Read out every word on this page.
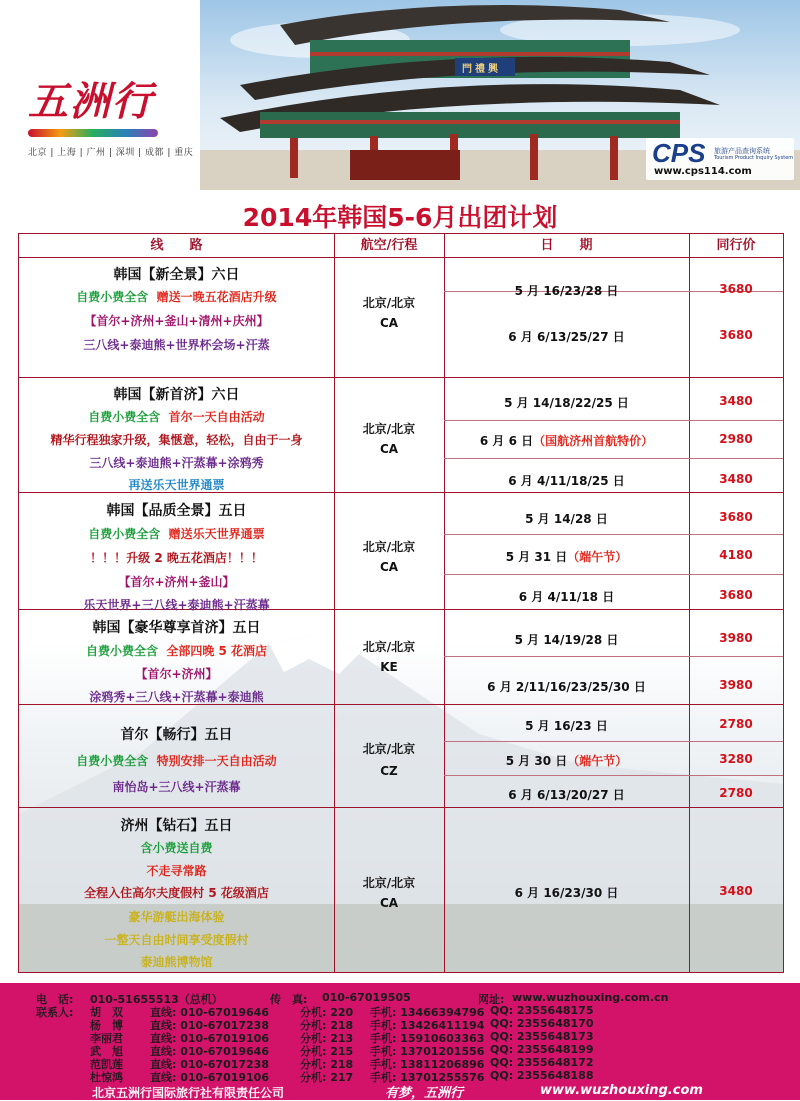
門禮興
五洲行
北京 | 上海 | 广州 | 深圳 | 成都 | 重庆	CPS 旅游产品查询系统
Tourism Product Inquiry System
www.cps114.com
2014年韩国5-6月出团计划
线　　路	航空/行程	日　　期	同行价
韩国【新全景】六日
自费小费全含 赠送一晚五花酒店升级
【首尔+济州+釜山+清州+庆州】
三八线+泰迪熊+世界杯会场+汗蒸
北京/北京
CA
5 月 16/23/28 日	3680
6 月 6/13/25/27 日	3680
韩国【新首济】六日
自费小费全含 首尔一天自由活动
精华行程独家升级，集惬意，轻松，自由于一身
三八线+泰迪熊+汗蒸幕+涂鸦秀
再送乐天世界通票
北京/北京
CA
5 月 14/18/22/25 日	3480
6 月 6 日（国航济州首航特价）	2980
6 月 4/11/18/25 日	3480
韩国【品质全景】五日
自费小费全含 赠送乐天世界通票
！！！升级 2 晚五花酒店！！！
【首尔+济州+釜山】
乐天世界+三八线+泰迪熊+汗蒸幕
北京/北京
CA
5 月 14/28 日	3680
5 月 31 日（端午节）	4180
6 月 4/11/18 日	3680
韩国【豪华尊享首济】五日
自费小费全含 全部四晚 5 花酒店
【首尔+济州】
涂鸦秀+三八线+汗蒸幕+泰迪熊
北京/北京
KE
5 月 14/19/28 日	3980
6 月 2/11/16/23/25/30 日	3980
首尔【畅行】五日
自费小费全含 特别安排一天自由活动
南怡岛+三八线+汗蒸幕
北京/北京
CZ
5 月 16/23 日	2780
5 月 30 日（端午节）	3280
6 月 6/13/20/27 日	2780
济州【钻石】五日
含小费送自费
不走寻常路
全程入住高尔夫度假村 5 花级酒店
豪华游艇出海体验
一整天自由时间享受度假村
泰迪熊博物馆
北京/北京
CA
6 月 16/23/30 日	3480
电　话: 010-51655513（总机）	传　真: 010-67019505	网址: www.wuzhouxing.com.cn
联系人: 胡　双 直线: 010-67019646	分机: 220 手机: 13466394796 QQ: 2355648175
杨　博 直线: 010-67017238	分机: 218 手机: 13426411194 QQ: 2355648170
李丽君 直线: 010-67019106	分机: 213 手机: 15910603363 QQ: 2355648173
武　旭 直线: 010-67019646	分机: 215 手机: 13701201556 QQ: 2355648199
范凯莲 直线: 010-67017238	分机: 218 手机: 13811206896 QQ: 2355648172
杜惊鸿 直线: 010-67019106	分机: 217 手机: 13701255576 QQ: 2355648188
北京五洲行国际旅行社有限责任公司	有梦，五洲行	www.wuzhouxing.com
